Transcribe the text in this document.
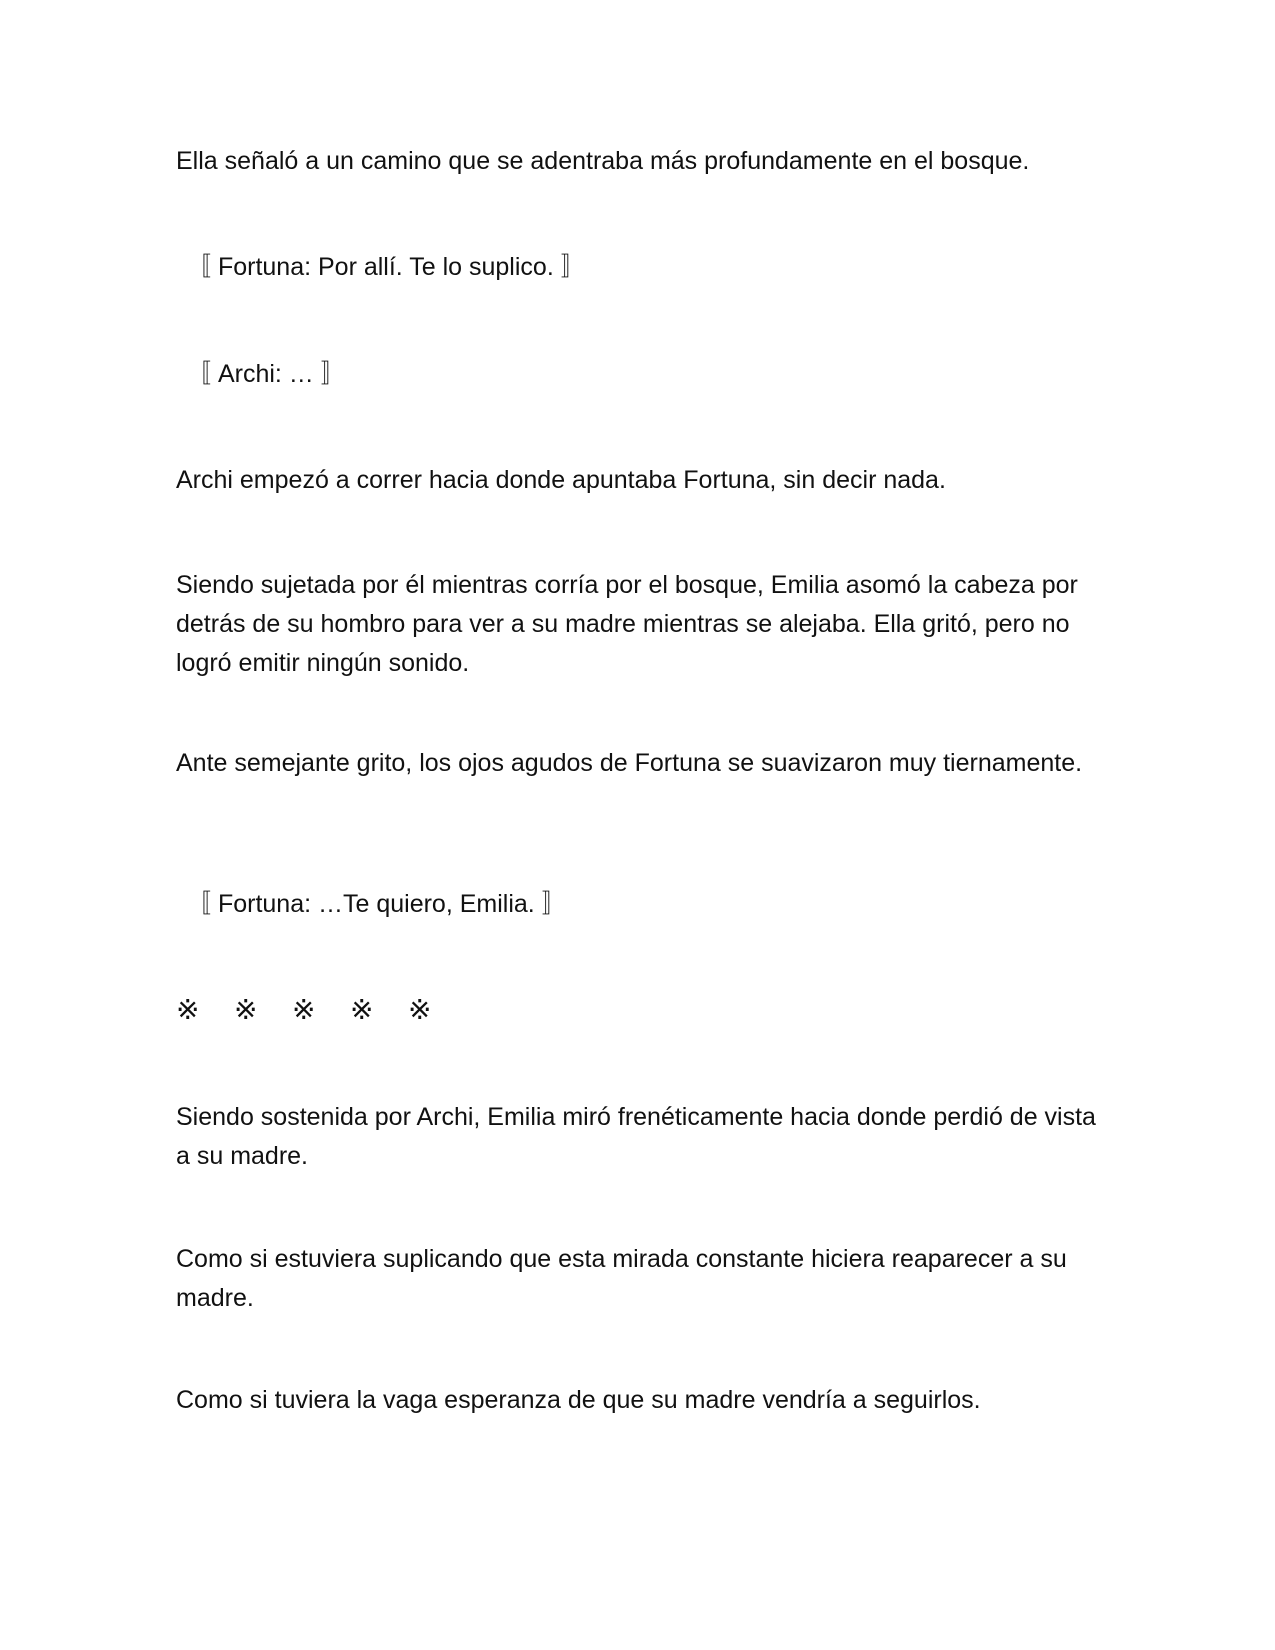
Ella señaló a un camino que se adentraba más profundamente en el bosque.
〚 Fortuna: Por allí. Te lo suplico. 〛
〚 Archi: … 〛
Archi empezó a correr hacia donde apuntaba Fortuna, sin decir nada.
Siendo sujetada por él mientras corría por el bosque, Emilia asomó la cabeza por detrás de su hombro para ver a su madre mientras se alejaba. Ella gritó, pero no logró emitir ningún sonido.
Ante semejante grito, los ojos agudos de Fortuna se suavizaron muy tiernamente.
〚 Fortuna: …Te quiero, Emilia. 〛
※ ※ ※ ※ ※
Siendo sostenida por Archi, Emilia miró frenéticamente hacia donde perdió de vista a su madre.
Como si estuviera suplicando que esta mirada constante hiciera reaparecer a su madre.
Como si tuviera la vaga esperanza de que su madre vendría a seguirlos.
